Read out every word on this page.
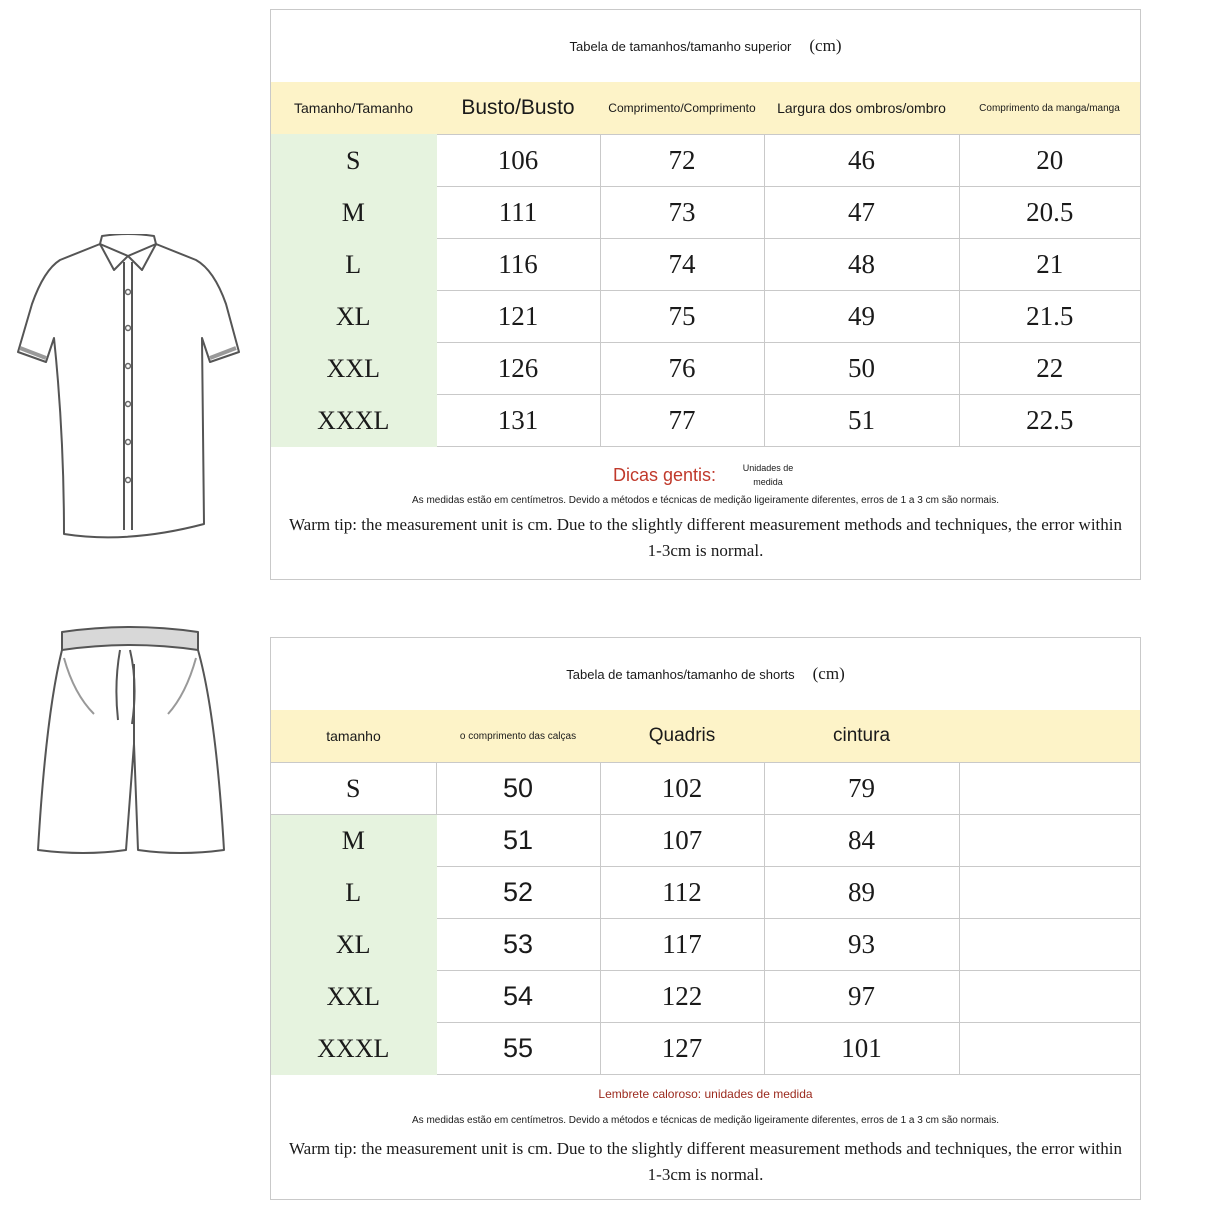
Tabela de tamanhos/tamanho superior (cm)
Tamanho/Tamanho	Busto/Busto	Comprimento/Comprimento	Largura dos ombros/ombro	Comprimento da manga/manga
S	106	72	46	20
M	111	73	47	20.5
L	116	74	48	21
XL	121	75	49	21.5
XXL	126	76	50	22
XXXL	131	77	51	22.5
Dicas gentis:	Unidades de medida
As medidas estão em centímetros. Devido a métodos e técnicas de medição ligeiramente diferentes, erros de 1 a 3 cm são normais.
Warm tip: the measurement unit is cm. Due to the slightly different measurement methods and techniques, the error within 1-3cm is normal.
Tabela de tamanhos/tamanho de shorts (cm)
tamanho	o comprimento das calças	Quadris	cintura	
S	50	102	79	
M	51	107	84	
L	52	112	89	
XL	53	117	93	
XXL	54	122	97	
XXXL	55	127	101	
Lembrete caloroso: unidades de medida
As medidas estão em centímetros. Devido a métodos e técnicas de medição ligeiramente diferentes, erros de 1 a 3 cm são normais.
Warm tip: the measurement unit is cm. Due to the slightly different measurement methods and techniques, the error within 1-3cm is normal.
